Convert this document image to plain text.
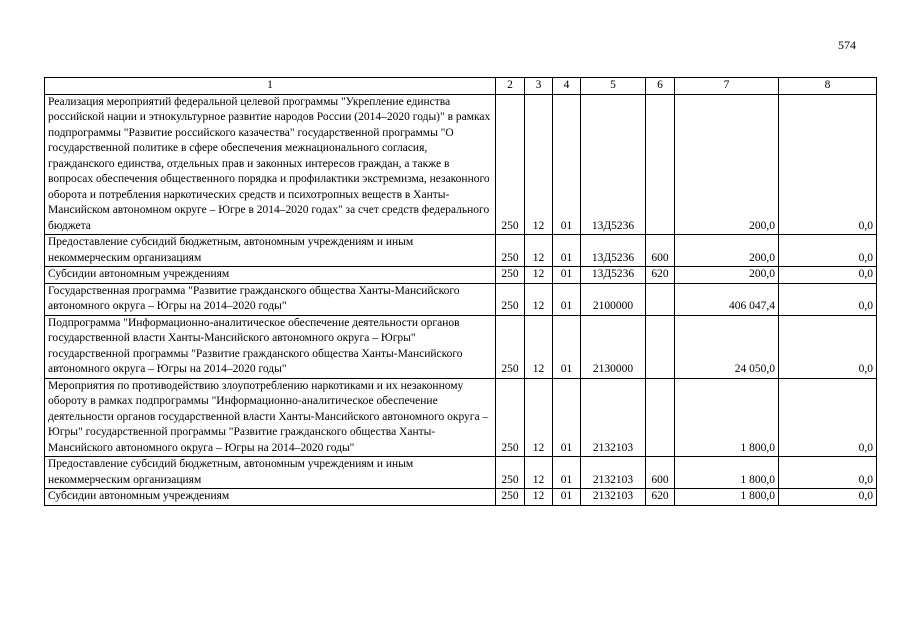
574
1	2	3	4	5	6	7	8
Реализация мероприятий федеральной целевой программы "Укрепление единства российской нации и этнокультурное развитие народов России (2014–2020 годы)" в рамках подпрограммы "Развитие российского казачества" государственной программы "О государственной политике в сфере обеспечения межнационального согласия, гражданского единства, отдельных прав и законных интересов граждан, а также в вопросах обеспечения общественного порядка и профилактики экстремизма, незаконного оборота и потребления наркотических средств и психотропных веществ в Ханты-Мансийском автономном округе – Югре в 2014–2020 годах" за счет средств федерального бюджета	250	12	01	13Д5236		200,0	0,0
Предоставление субсидий бюджетным, автономным учреждениям и иным некоммерческим организациям	250	12	01	13Д5236	600	200,0	0,0
Субсидии автономным учреждениям	250	12	01	13Д5236	620	200,0	0,0
Государственная программа "Развитие гражданского общества Ханты-Мансийского автономного округа – Югры на 2014–2020 годы"	250	12	01	2100000		406 047,4	0,0
Подпрограмма "Информационно-аналитическое обеспечение деятельности органов государственной власти Ханты-Мансийского автономного округа – Югры" государственной программы "Развитие гражданского общества Ханты-Мансийского автономного округа – Югры на 2014–2020 годы"	250	12	01	2130000		24 050,0	0,0
Мероприятия по противодействию злоупотреблению наркотиками и их незаконному обороту в рамках подпрограммы "Информационно-аналитическое обеспечение деятельности органов государственной власти Ханты-Мансийского автономного округа – Югры" государственной программы "Развитие гражданского общества Ханты-Мансийского автономного округа – Югры на 2014–2020 годы"	250	12	01	2132103		1 800,0	0,0
Предоставление субсидий бюджетным, автономным учреждениям и иным некоммерческим организациям	250	12	01	2132103	600	1 800,0	0,0
Субсидии автономным учреждениям	250	12	01	2132103	620	1 800,0	0,0
